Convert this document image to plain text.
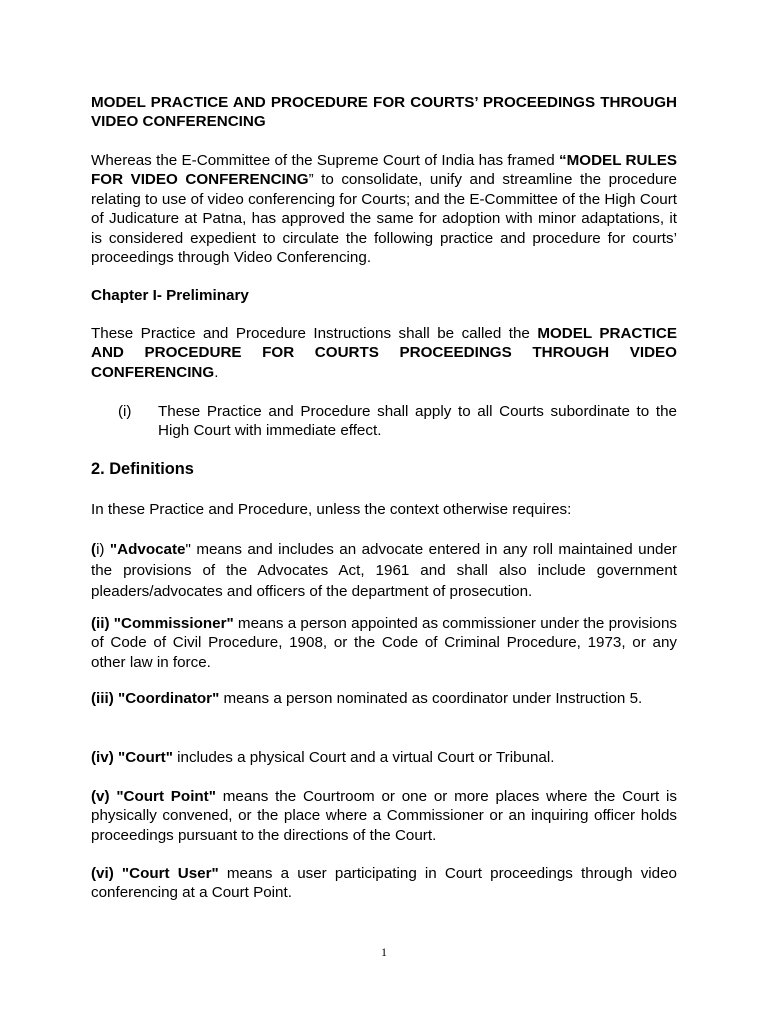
MODEL PRACTICE AND PROCEDURE FOR COURTS’ PROCEEDINGS THROUGH VIDEO CONFERENCING
Whereas the E-Committee of the Supreme Court of India has framed “MODEL RULES FOR VIDEO CONFERENCING” to consolidate, unify and streamline the procedure relating to use of video conferencing for Courts; and the E-Committee of the High Court of Judicature at Patna, has approved the same for adoption with minor adaptations, it is considered expedient to circulate the following practice and procedure for courts’ proceedings through Video Conferencing.
Chapter I- Preliminary
These Practice and Procedure Instructions shall be called the MODEL PRACTICE AND PROCEDURE FOR COURTS PROCEEDINGS THROUGH VIDEO CONFERENCING.
(i) These Practice and Procedure shall apply to all Courts subordinate to the High Court with immediate effect.
2. Definitions
In these Practice and Procedure, unless the context otherwise requires:
(i) "Advocate" means and includes an advocate entered in any roll maintained under the provisions of the Advocates Act, 1961 and shall also include government pleaders/advocates and officers of the department of prosecution.
(ii) "Commissioner" means a person appointed as commissioner under the provisions of Code of Civil Procedure, 1908, or the Code of Criminal Procedure, 1973, or any other law in force.
(iii) "Coordinator" means a person nominated as coordinator under Instruction 5.
(iv) "Court" includes a physical Court and a virtual Court or Tribunal.
(v) "Court Point" means the Courtroom or one or more places where the Court is physically convened, or the place where a Commissioner or an inquiring officer holds proceedings pursuant to the directions of the Court.
(vi) "Court User" means a user participating in Court proceedings through video conferencing at a Court Point.
1
